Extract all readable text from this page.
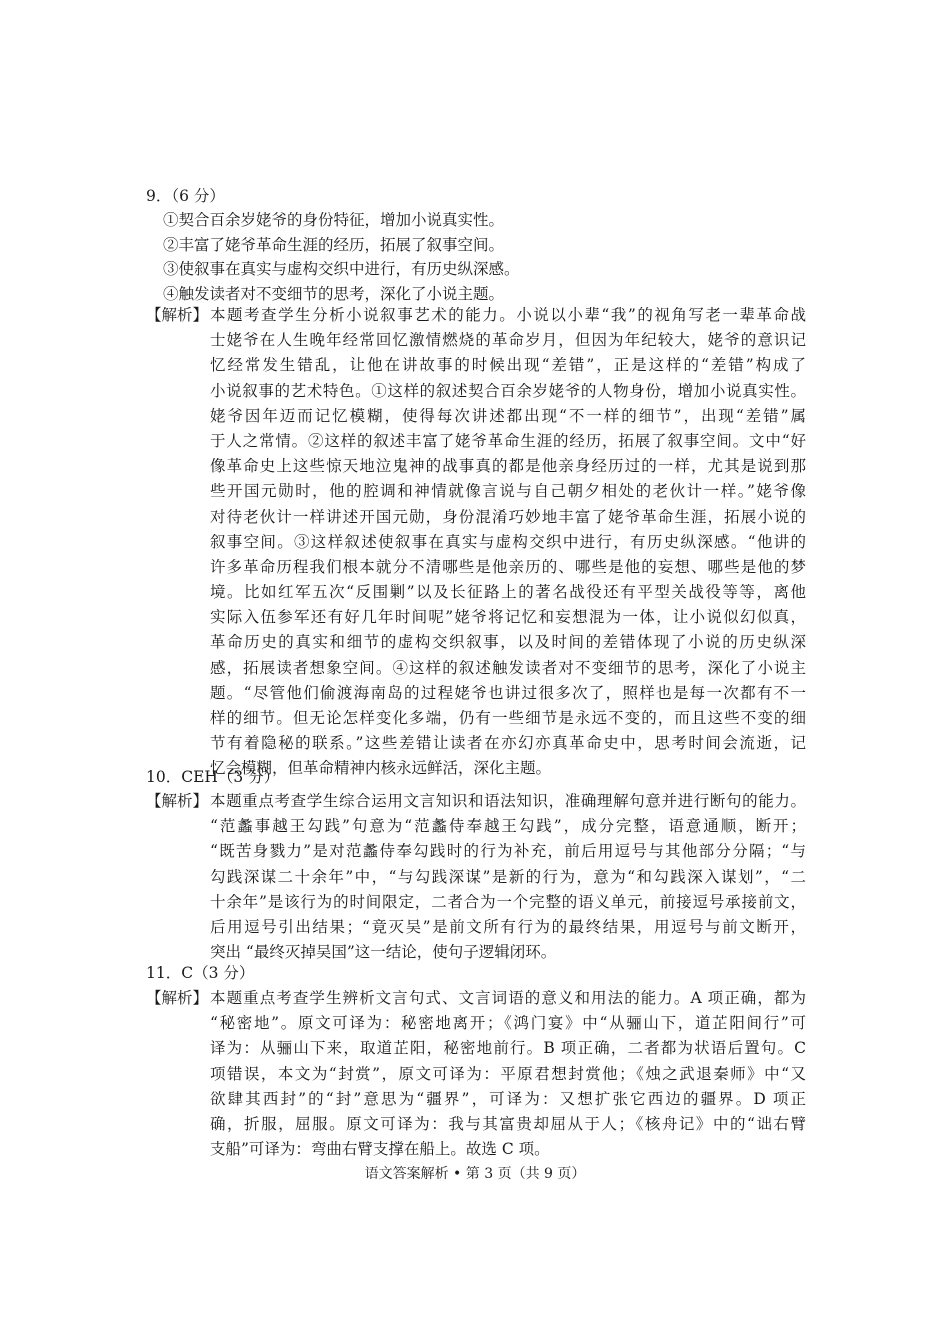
9．（6 分）
①契合百余岁姥爷的身份特征，增加小说真实性。
②丰富了姥爷革命生涯的经历，拓展了叙事空间。
③使叙事在真实与虚构交织中进行，有历史纵深感。
④触发读者对不变细节的思考，深化了小说主题。
【解析】 本题考查学生分析小说叙事艺术的能力。小说以小辈“我”的视角写老一辈革命战
士姥爷在人生晚年经常回忆激情燃烧的革命岁月，但因为年纪较大，姥爷的意识记
忆经常发生错乱，让他在讲故事的时候出现“差错”，正是这样的“差错”构成了
小说叙事的艺术特色。①这样的叙述契合百余岁姥爷的人物身份，增加小说真实性。
姥爷因年迈而记忆模糊，使得每次讲述都出现“不一样的细节”，出现“差错”属
于人之常情。②这样的叙述丰富了姥爷革命生涯的经历，拓展了叙事空间。文中“好
像革命史上这些惊天地泣鬼神的战事真的都是他亲身经历过的一样，尤其是说到那
些开国元勋时，他的腔调和神情就像言说与自己朝夕相处的老伙计一样。”姥爷像
对待老伙计一样讲述开国元勋，身份混淆巧妙地丰富了姥爷革命生涯，拓展小说的
叙事空间。③这样叙述使叙事在真实与虚构交织中进行，有历史纵深感。“他讲的
许多革命历程我们根本就分不清哪些是他亲历的、哪些是他的妄想、哪些是他的梦
境。比如红军五次“反围剿”以及长征路上的著名战役还有平型关战役等等，离他
实际入伍参军还有好几年时间呢”姥爷将记忆和妄想混为一体，让小说似幻似真，
革命历史的真实和细节的虚构交织叙事，以及时间的差错体现了小说的历史纵深
感，拓展读者想象空间。④这样的叙述触发读者对不变细节的思考，深化了小说主
题。“尽管他们偷渡海南岛的过程姥爷也讲过很多次了，照样也是每一次都有不一
样的细节。但无论怎样变化多端，仍有一些细节是永远不变的，而且这些不变的细
节有着隐秘的联系。”这些差错让读者在亦幻亦真革命史中，思考时间会流逝，记
忆会模糊，但革命精神内核永远鲜活，深化主题。
10．CEH（3 分）
【解析】 本题重点考查学生综合运用文言知识和语法知识，准确理解句意并进行断句的能力。
“范蠡事越王勾践”句意为“范蠡侍奉越王勾践”，成分完整，语意通顺，断开；
“既苦身戮力”是对范蠡侍奉勾践时的行为补充，前后用逗号与其他部分分隔；“与
勾践深谋二十余年”中，“与勾践深谋”是新的行为，意为“和勾践深入谋划”，“二
十余年”是该行为的时间限定，二者合为一个完整的语义单元，前接逗号承接前文，
后用逗号引出结果；“竟灭吴”是前文所有行为的最终结果，用逗号与前文断开，
突出 “最终灭掉吴国”这一结论，使句子逻辑闭环。
11．C（3 分）
【解析】 本题重点考查学生辨析文言句式、文言词语的意义和用法的能力。A 项正确，都为
“秘密地”。原文可译为：秘密地离开；《鸿门宴》中“从骊山下，道芷阳间行”可
译为：从骊山下来，取道芷阳，秘密地前行。B 项正确，二者都为状语后置句。C
项错误，本文为“封赏”，原文可译为：平原君想封赏他；《烛之武退秦师》中“又
欲肆其西封”的“封”意思为“疆界”，可译为：又想扩张它西边的疆界。D 项正
确，折服，屈服。原文可译为：我与其富贵却屈从于人；《核舟记》中的“诎右臂
支船”可译为：弯曲右臂支撑在船上。故选 C 项。
语文答案解析 • 第 3 页（共 9 页）
